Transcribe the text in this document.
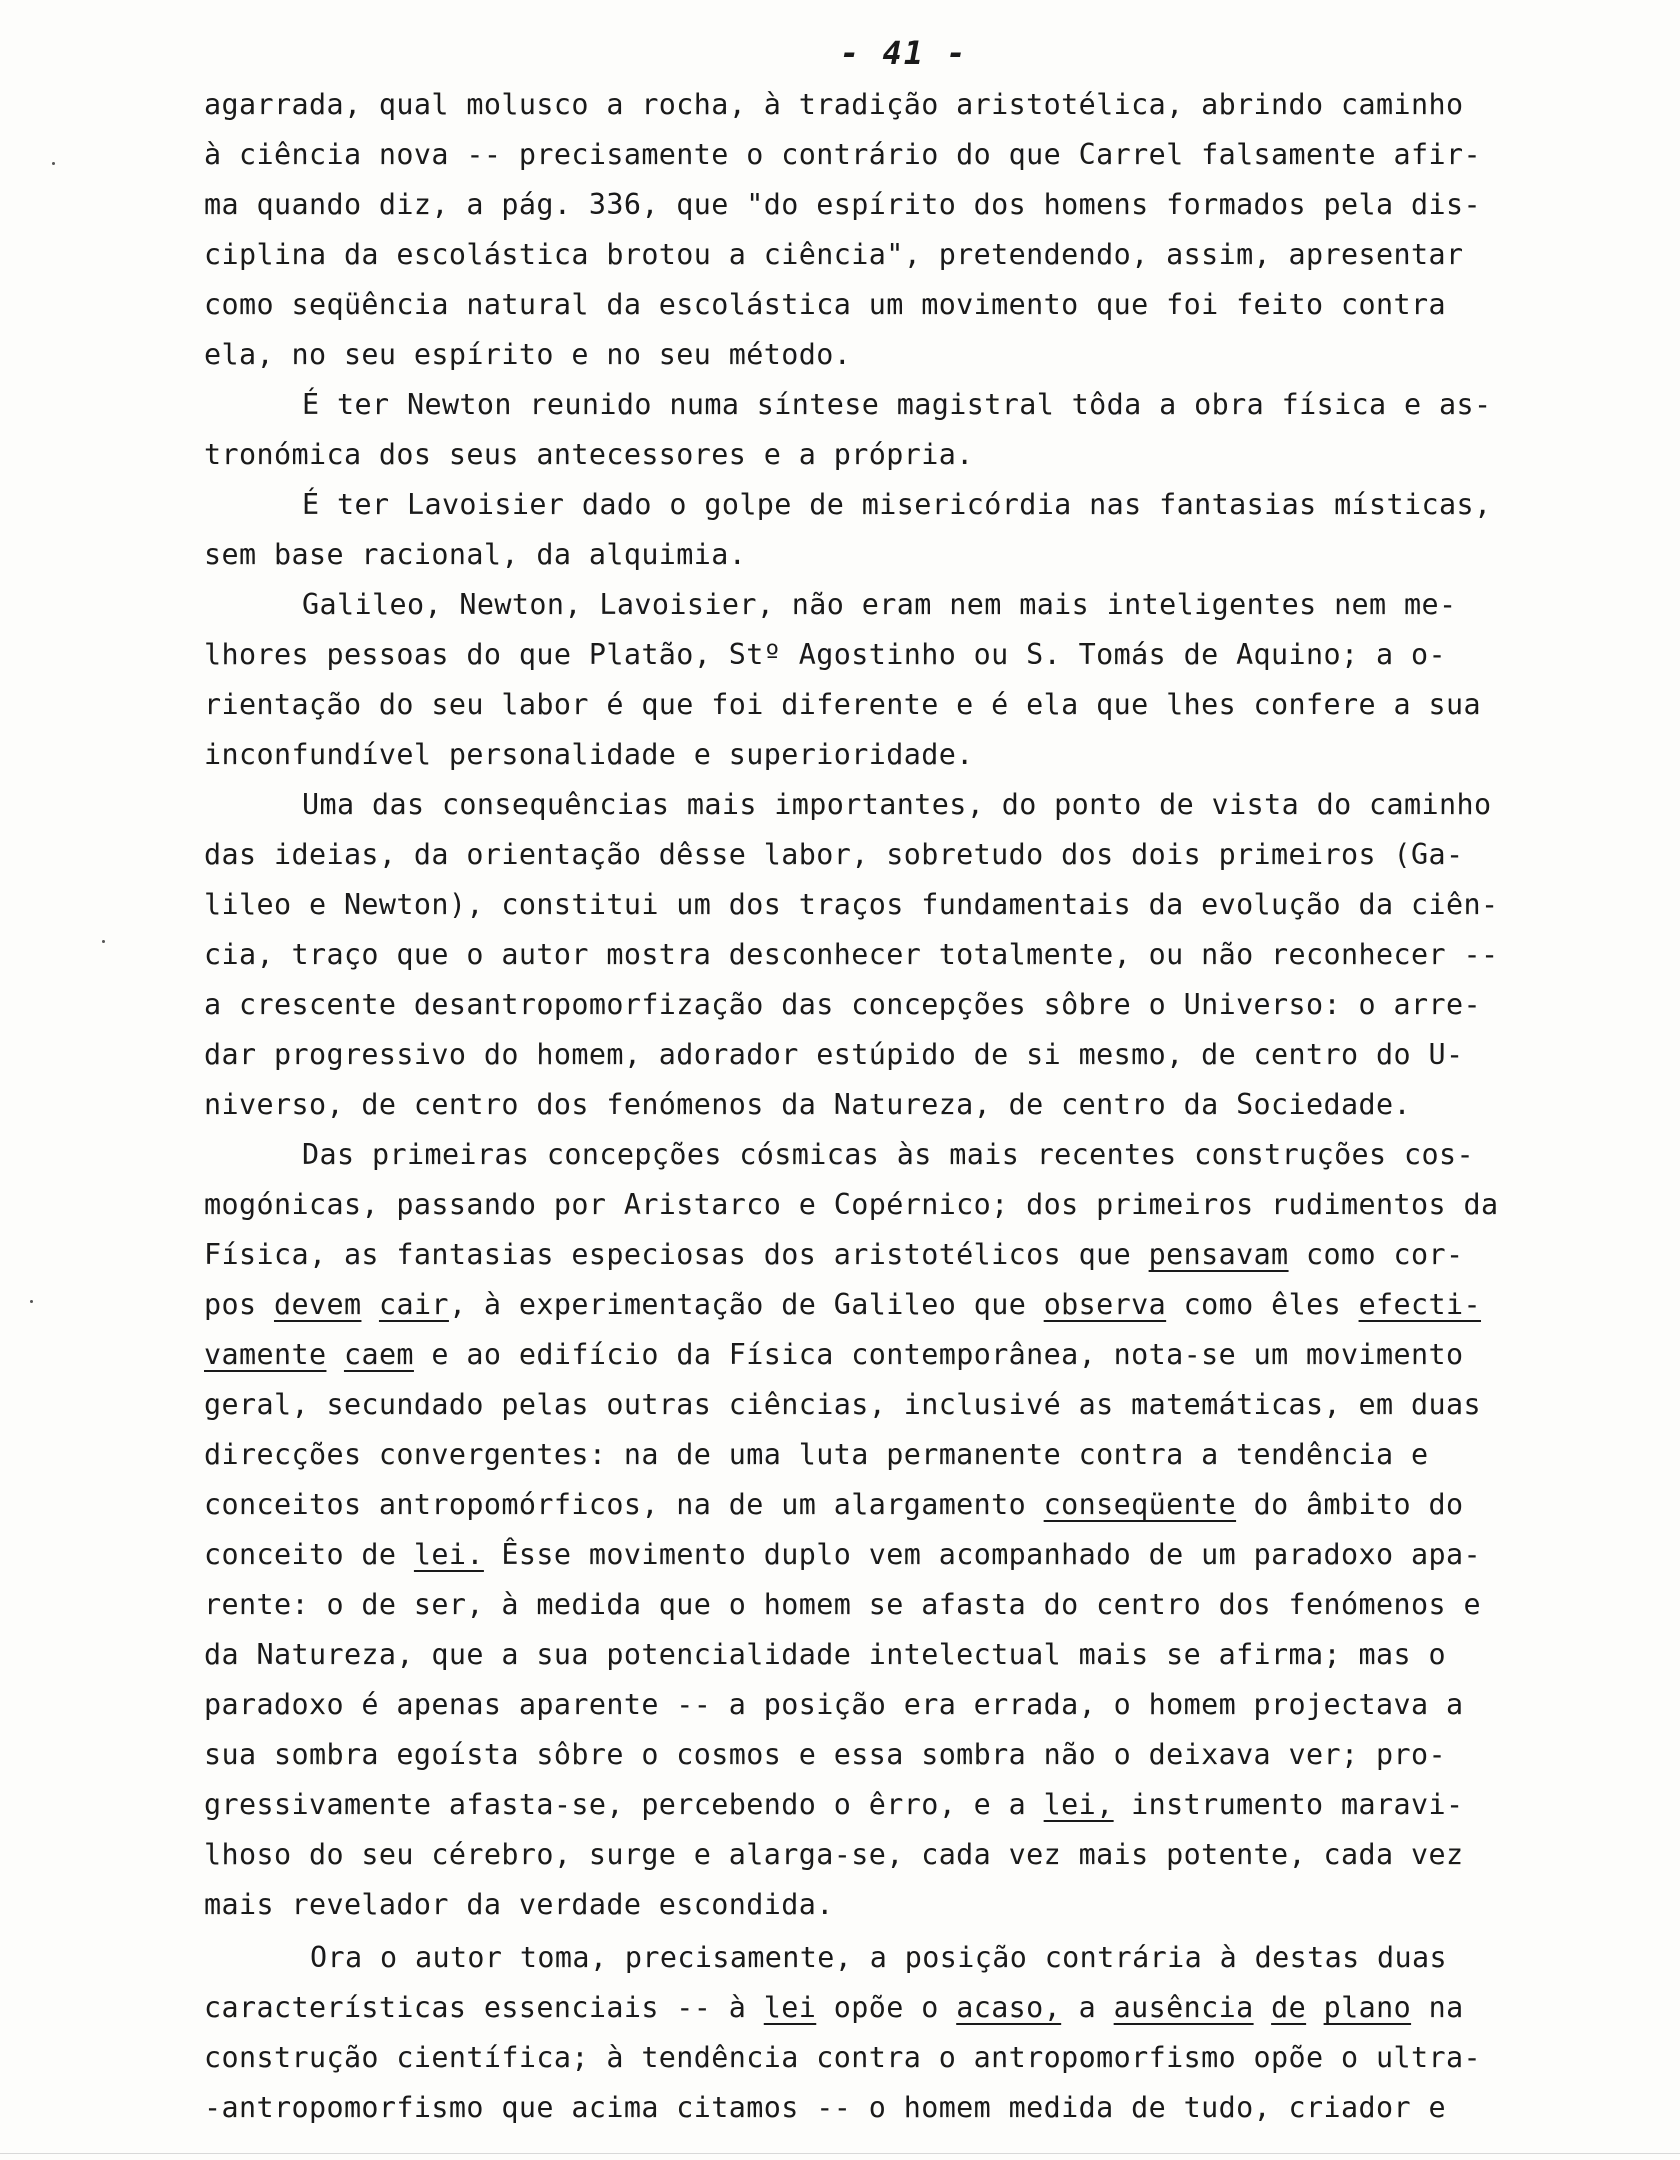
- 41 -
agarrada, qual molusco a rocha, à tradição aristotélica, abrindo caminho
à ciência nova -- precisamente o contrário do que Carrel falsamente afir-
ma quando diz, a pág. 336, que "do espírito dos homens formados pela dis-
ciplina da escolástica brotou a ciência", pretendendo, assim, apresentar
como seqüência natural da escolástica um movimento que foi feito contra
ela, no seu espírito e no seu método.
É ter Newton reunido numa síntese magistral tôda a obra física e as-
tronómica dos seus antecessores e a própria.
É ter Lavoisier dado o golpe de misericórdia nas fantasias místicas,
sem base racional, da alquimia.
Galileo, Newton, Lavoisier, não eram nem mais inteligentes nem me-
lhores pessoas do que Platão, Stº Agostinho ou S. Tomás de Aquino; a o-
rientação do seu labor é que foi diferente e é ela que lhes confere a sua
inconfundível personalidade e superioridade.
Uma das consequências mais importantes, do ponto de vista do caminho
das ideias, da orientação dêsse labor, sobretudo dos dois primeiros (Ga-
lileo e Newton), constitui um dos traços fundamentais da evolução da ciên-
cia, traço que o autor mostra desconhecer totalmente, ou não reconhecer --
a crescente desantropomorfização das concepções sôbre o Universo: o arre-
dar progressivo do homem, adorador estúpido de si mesmo, de centro do U-
niverso, de centro dos fenómenos da Natureza, de centro da Sociedade.
Das primeiras concepções cósmicas às mais recentes construções cos-
mogónicas, passando por Aristarco e Copérnico; dos primeiros rudimentos da
Física, as fantasias especiosas dos aristotélicos que pensavam como cor-
pos devem cair, à experimentação de Galileo que observa como êles efecti-
vamente caem e ao edifício da Física contemporânea, nota-se um movimento
geral, secundado pelas outras ciências, inclusivé as matemáticas, em duas
direcções convergentes: na de uma luta permanente contra a tendência e
conceitos antropomórficos, na de um alargamento conseqüente do âmbito do
conceito de lei. Êsse movimento duplo vem acompanhado de um paradoxo apa-
rente: o de ser, à medida que o homem se afasta do centro dos fenómenos e
da Natureza, que a sua potencialidade intelectual mais se afirma; mas o
paradoxo é apenas aparente -- a posição era errada, o homem projectava a
sua sombra egoísta sôbre o cosmos e essa sombra não o deixava ver; pro-
gressivamente afasta-se, percebendo o êrro, e a lei, instrumento maravi-
lhoso do seu cérebro, surge e alarga-se, cada vez mais potente, cada vez
mais revelador da verdade escondida.
Ora o autor toma, precisamente, a posição contrária à destas duas
características essenciais -- à lei opõe o acaso, a ausência de plano na
construção científica; à tendência contra o antropomorfismo opõe o ultra-
-antropomorfismo que acima citamos -- o homem medida de tudo, criador e
